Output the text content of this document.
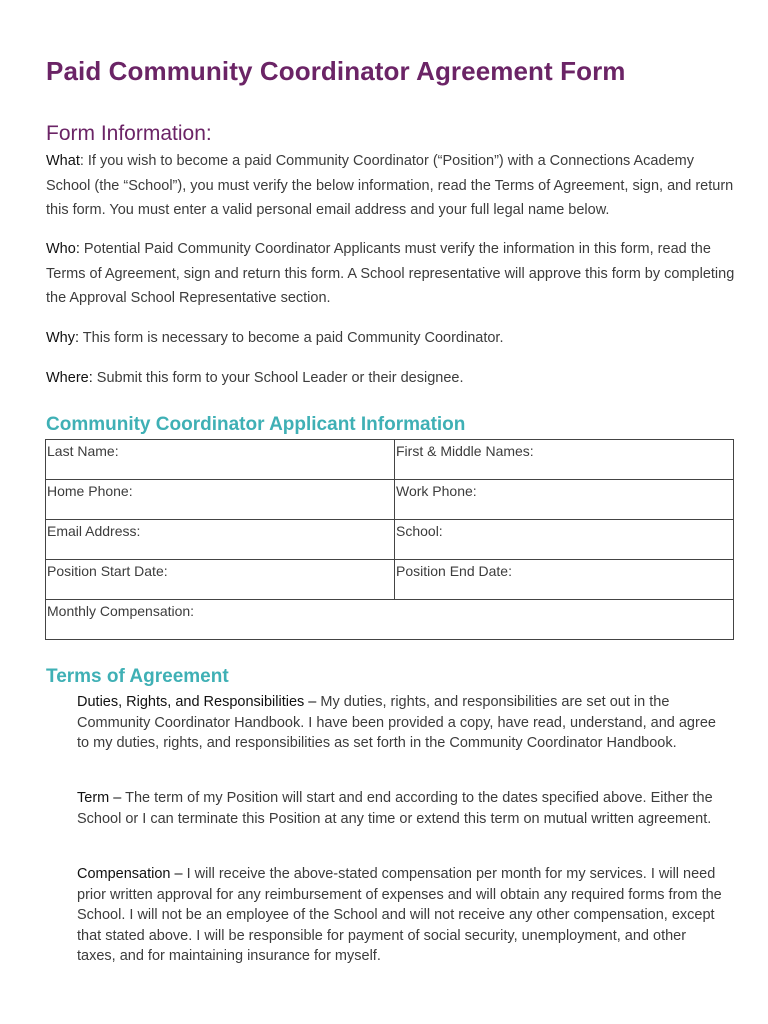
Paid Community Coordinator Agreement Form
Form Information:

What: If you wish to become a paid Community Coordinator (“Position”) with a Connections Academy School (the “School”), you must verify the below information, read the Terms of Agreement, sign, and return this form. You must enter a valid personal email address and your full legal name below.

Who: Potential Paid Community Coordinator Applicants must verify the information in this form, read the Terms of Agreement, sign and return this form. A School representative will approve this form by completing the Approval School Representative section.

Why: This form is necessary to become a paid Community Coordinator.

Where: Submit this form to your School Leader or their designee.

Community Coordinator Applicant Information
Last Name:	First & Middle Names:
Home Phone:	Work Phone:
Email Address:	School:
Position Start Date:	Position End Date:
Monthly Compensation:	
Terms of Agreement

Duties, Rights, and Responsibilities – My duties, rights, and responsibilities are set out in the Community Coordinator Handbook. I have been provided a copy, have read, understand, and agree to my duties, rights, and responsibilities as set forth in the Community Coordinator Handbook.

Term – The term of my Position will start and end according to the dates specified above. Either the School or I can terminate this Position at any time or extend this term on mutual written agreement.

Compensation – I will receive the above-stated compensation per month for my services. I will need prior written approval for any reimbursement of expenses and will obtain any required forms from the School. I will not be an employee of the School and will not receive any other compensation, except that stated above. I will be responsible for payment of social security, unemployment, and other taxes, and for maintaining insurance for myself.
